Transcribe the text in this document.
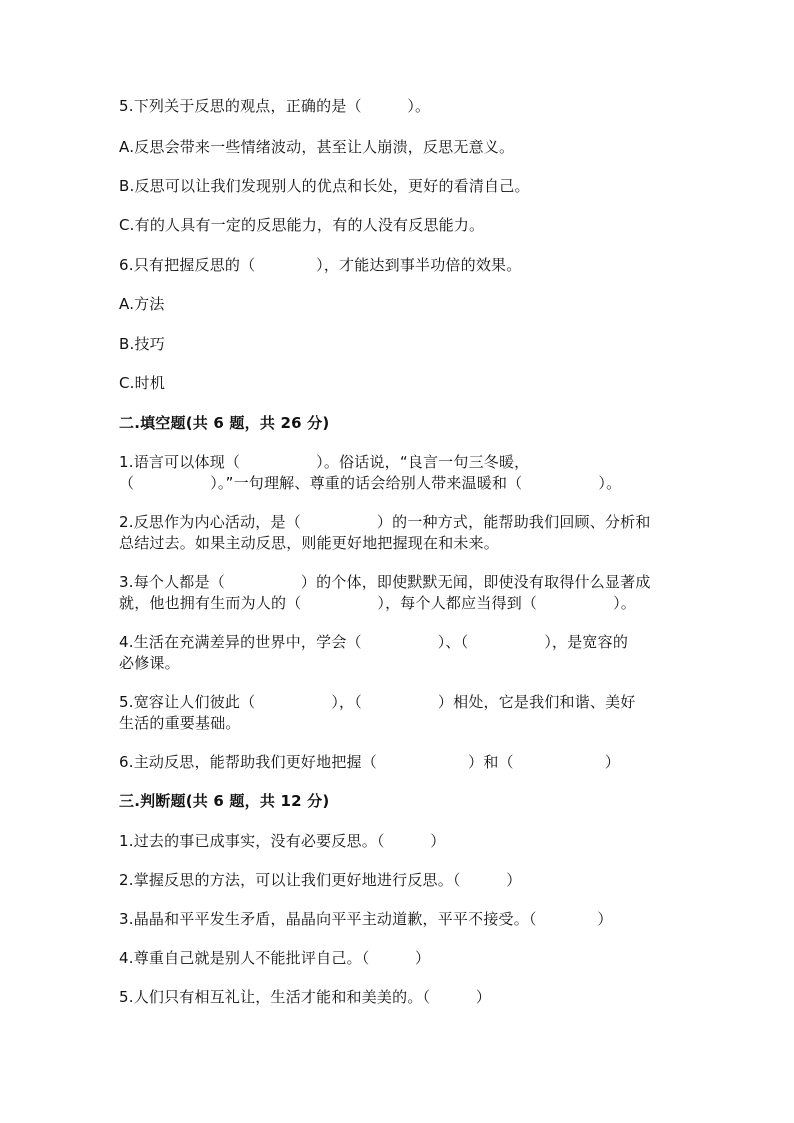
5.下列关于反思的观点，正确的是（　　　）。
A.反思会带来一些情绪波动，甚至让人崩溃，反思无意义。
B.反思可以让我们发现别人的优点和长处，更好的看清自己。
C.有的人具有一定的反思能力，有的人没有反思能力。
6.只有把握反思的（　　　　），才能达到事半功倍的效果。
A.方法
B.技巧
C.时机
二.填空题(共 6 题，共 26 分)
1.语言可以体现（　　　　　）。俗话说，“良言一句三冬暖，
（　　　　　）。”一句理解、尊重的话会给别人带来温暖和（　　　　　）。
2.反思作为内心活动，是（　　　　　）的一种方式，能帮助我们回顾、分析和
总结过去。如果主动反思，则能更好地把握现在和未来。
3.每个人都是（　　　　　）的个体，即使默默无闻，即使没有取得什么显著成
就，他也拥有生而为人的（　　　　　），每个人都应当得到（　　　　　）。
4.生活在充满差异的世界中，学会（　　　　　）、（　　　　　），是宽容的
必修课。
5.宽容让人们彼此（　　　　　），（　　　　　）相处，它是我们和谐、美好
生活的重要基础。
6.主动反思，能帮助我们更好地把握（　　　　　　）和（　　　　　　）
三.判断题(共 6 题，共 12 分)
1.过去的事已成事实，没有必要反思。（　　　）
2.掌握反思的方法，可以让我们更好地进行反思。（　　　）
3.晶晶和平平发生矛盾，晶晶向平平主动道歉，平平不接受。（　　　　）
4.尊重自己就是别人不能批评自己。（　　　）
5.人们只有相互礼让，生活才能和和美美的。（　　　）
